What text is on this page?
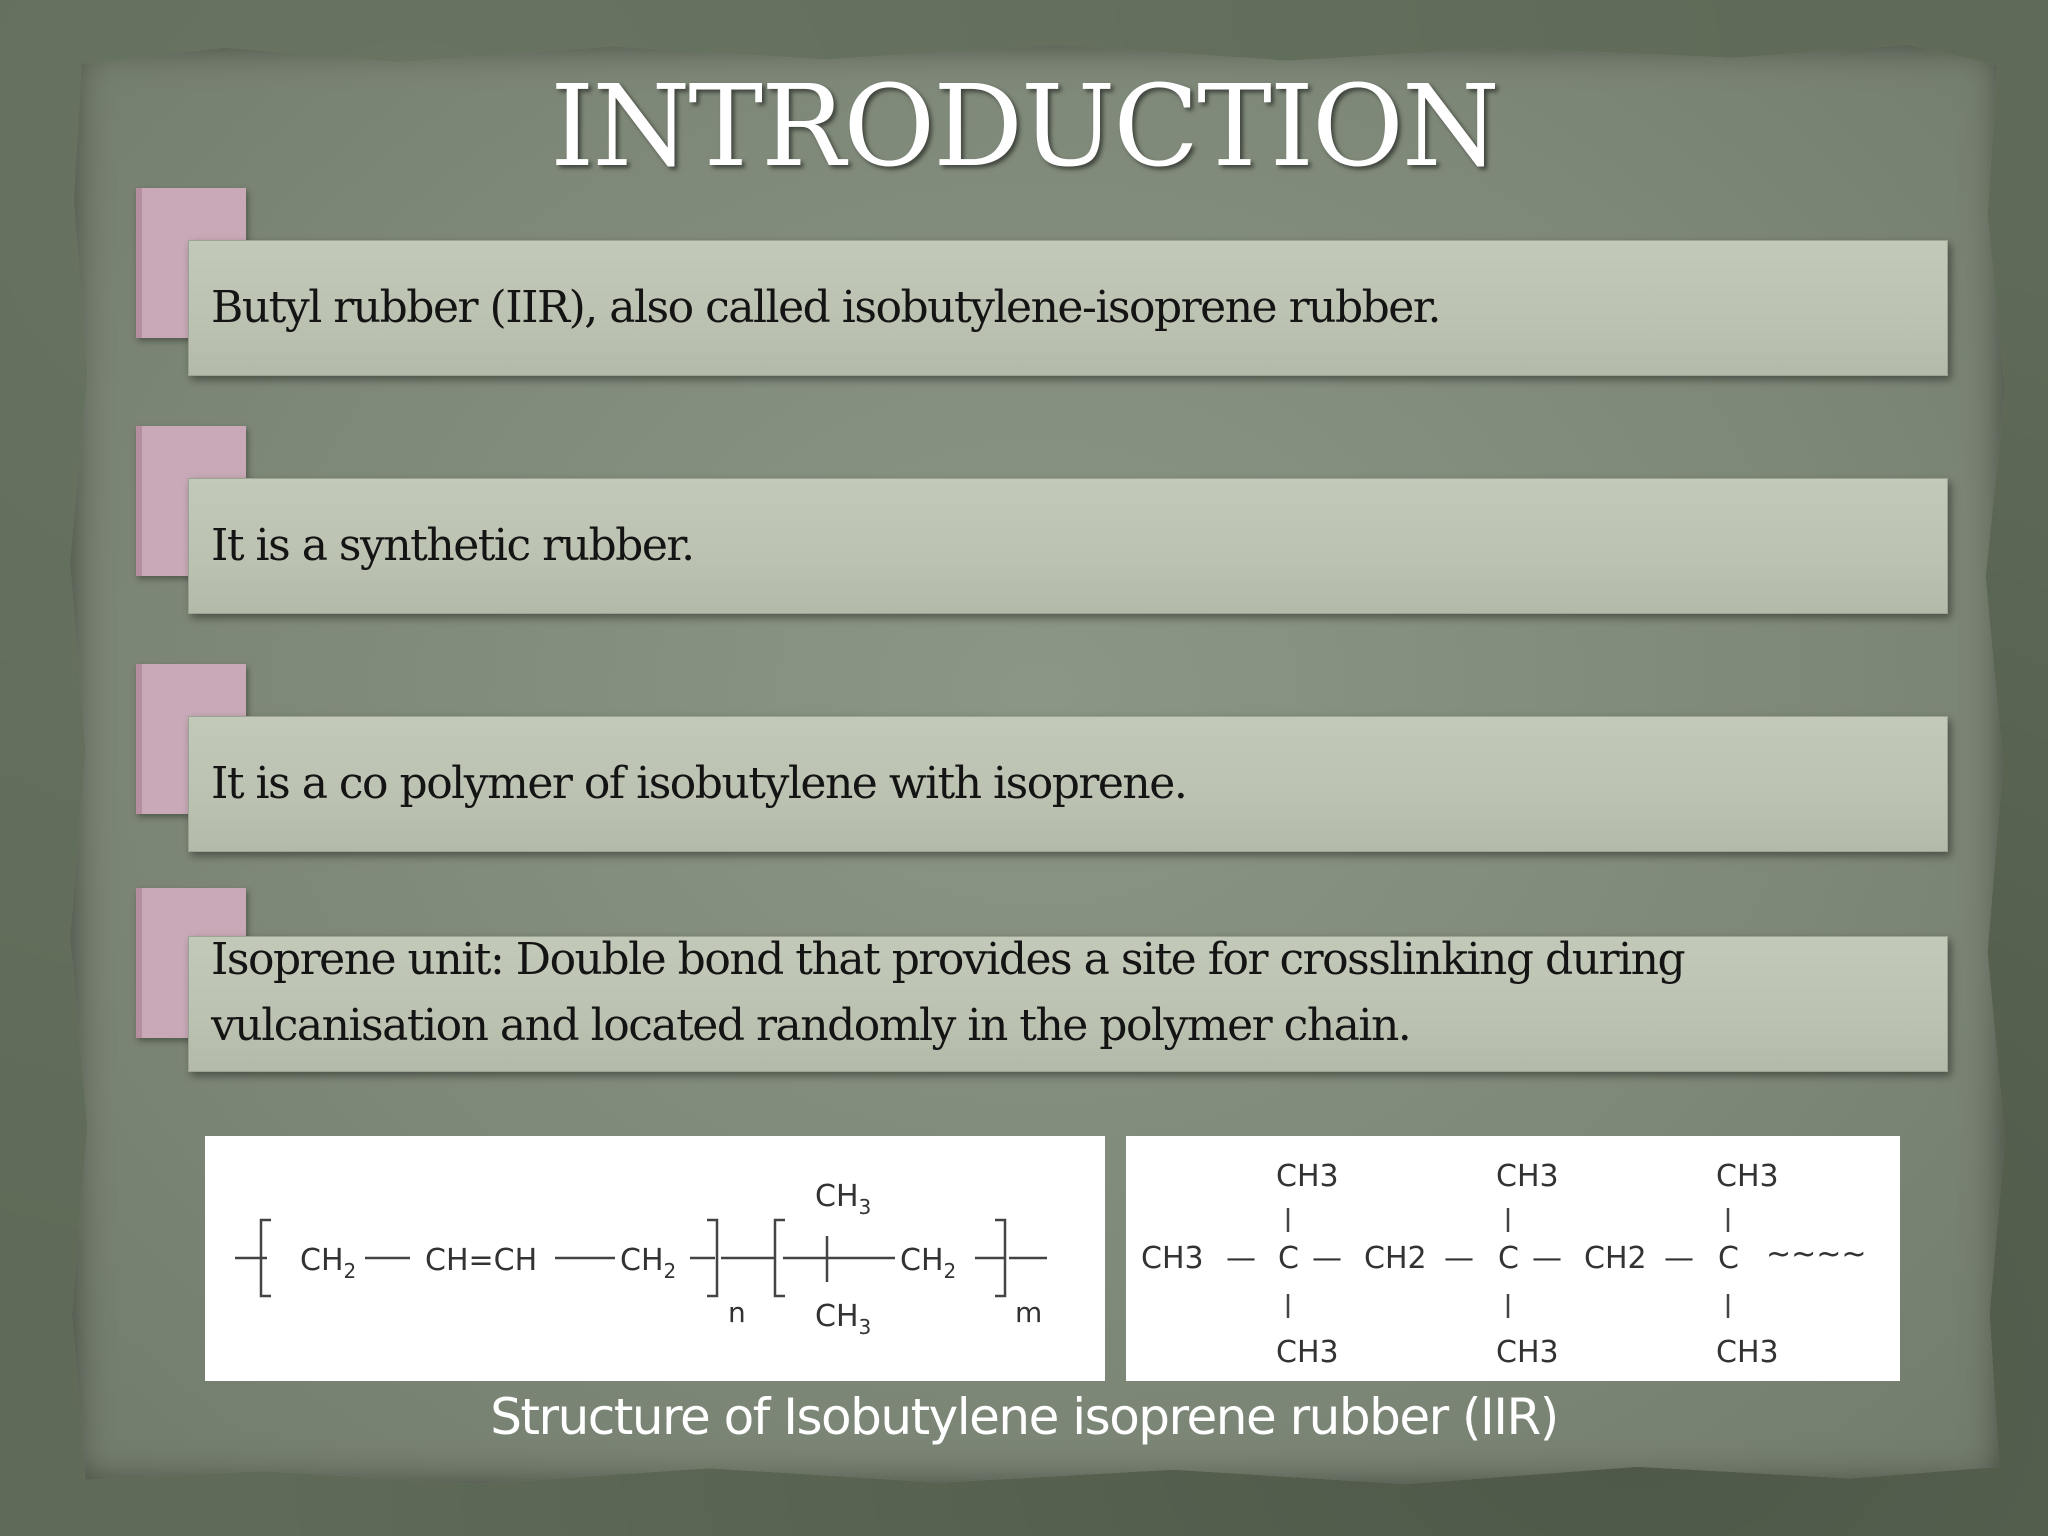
INTRODUCTION
Butyl rubber (IIR), also called isobutylene-isoprene rubber.
It is a synthetic rubber.
It is a co polymer of isobutylene with isoprene.
Isoprene unit: Double bond that provides a site for crosslinking during vulcanisation and located randomly in the polymer chain.
$CH_2$ CH=CH	$CH_2$
n
$CH_3$
$CH_3$
$CH_2$
m
CH3	CH3	CH3
CH3 — C — CH2 — C — CH2 — C ~~~~
CH3	CH3	CH3
Structure of Isobutylene isoprene rubber (IIR)
